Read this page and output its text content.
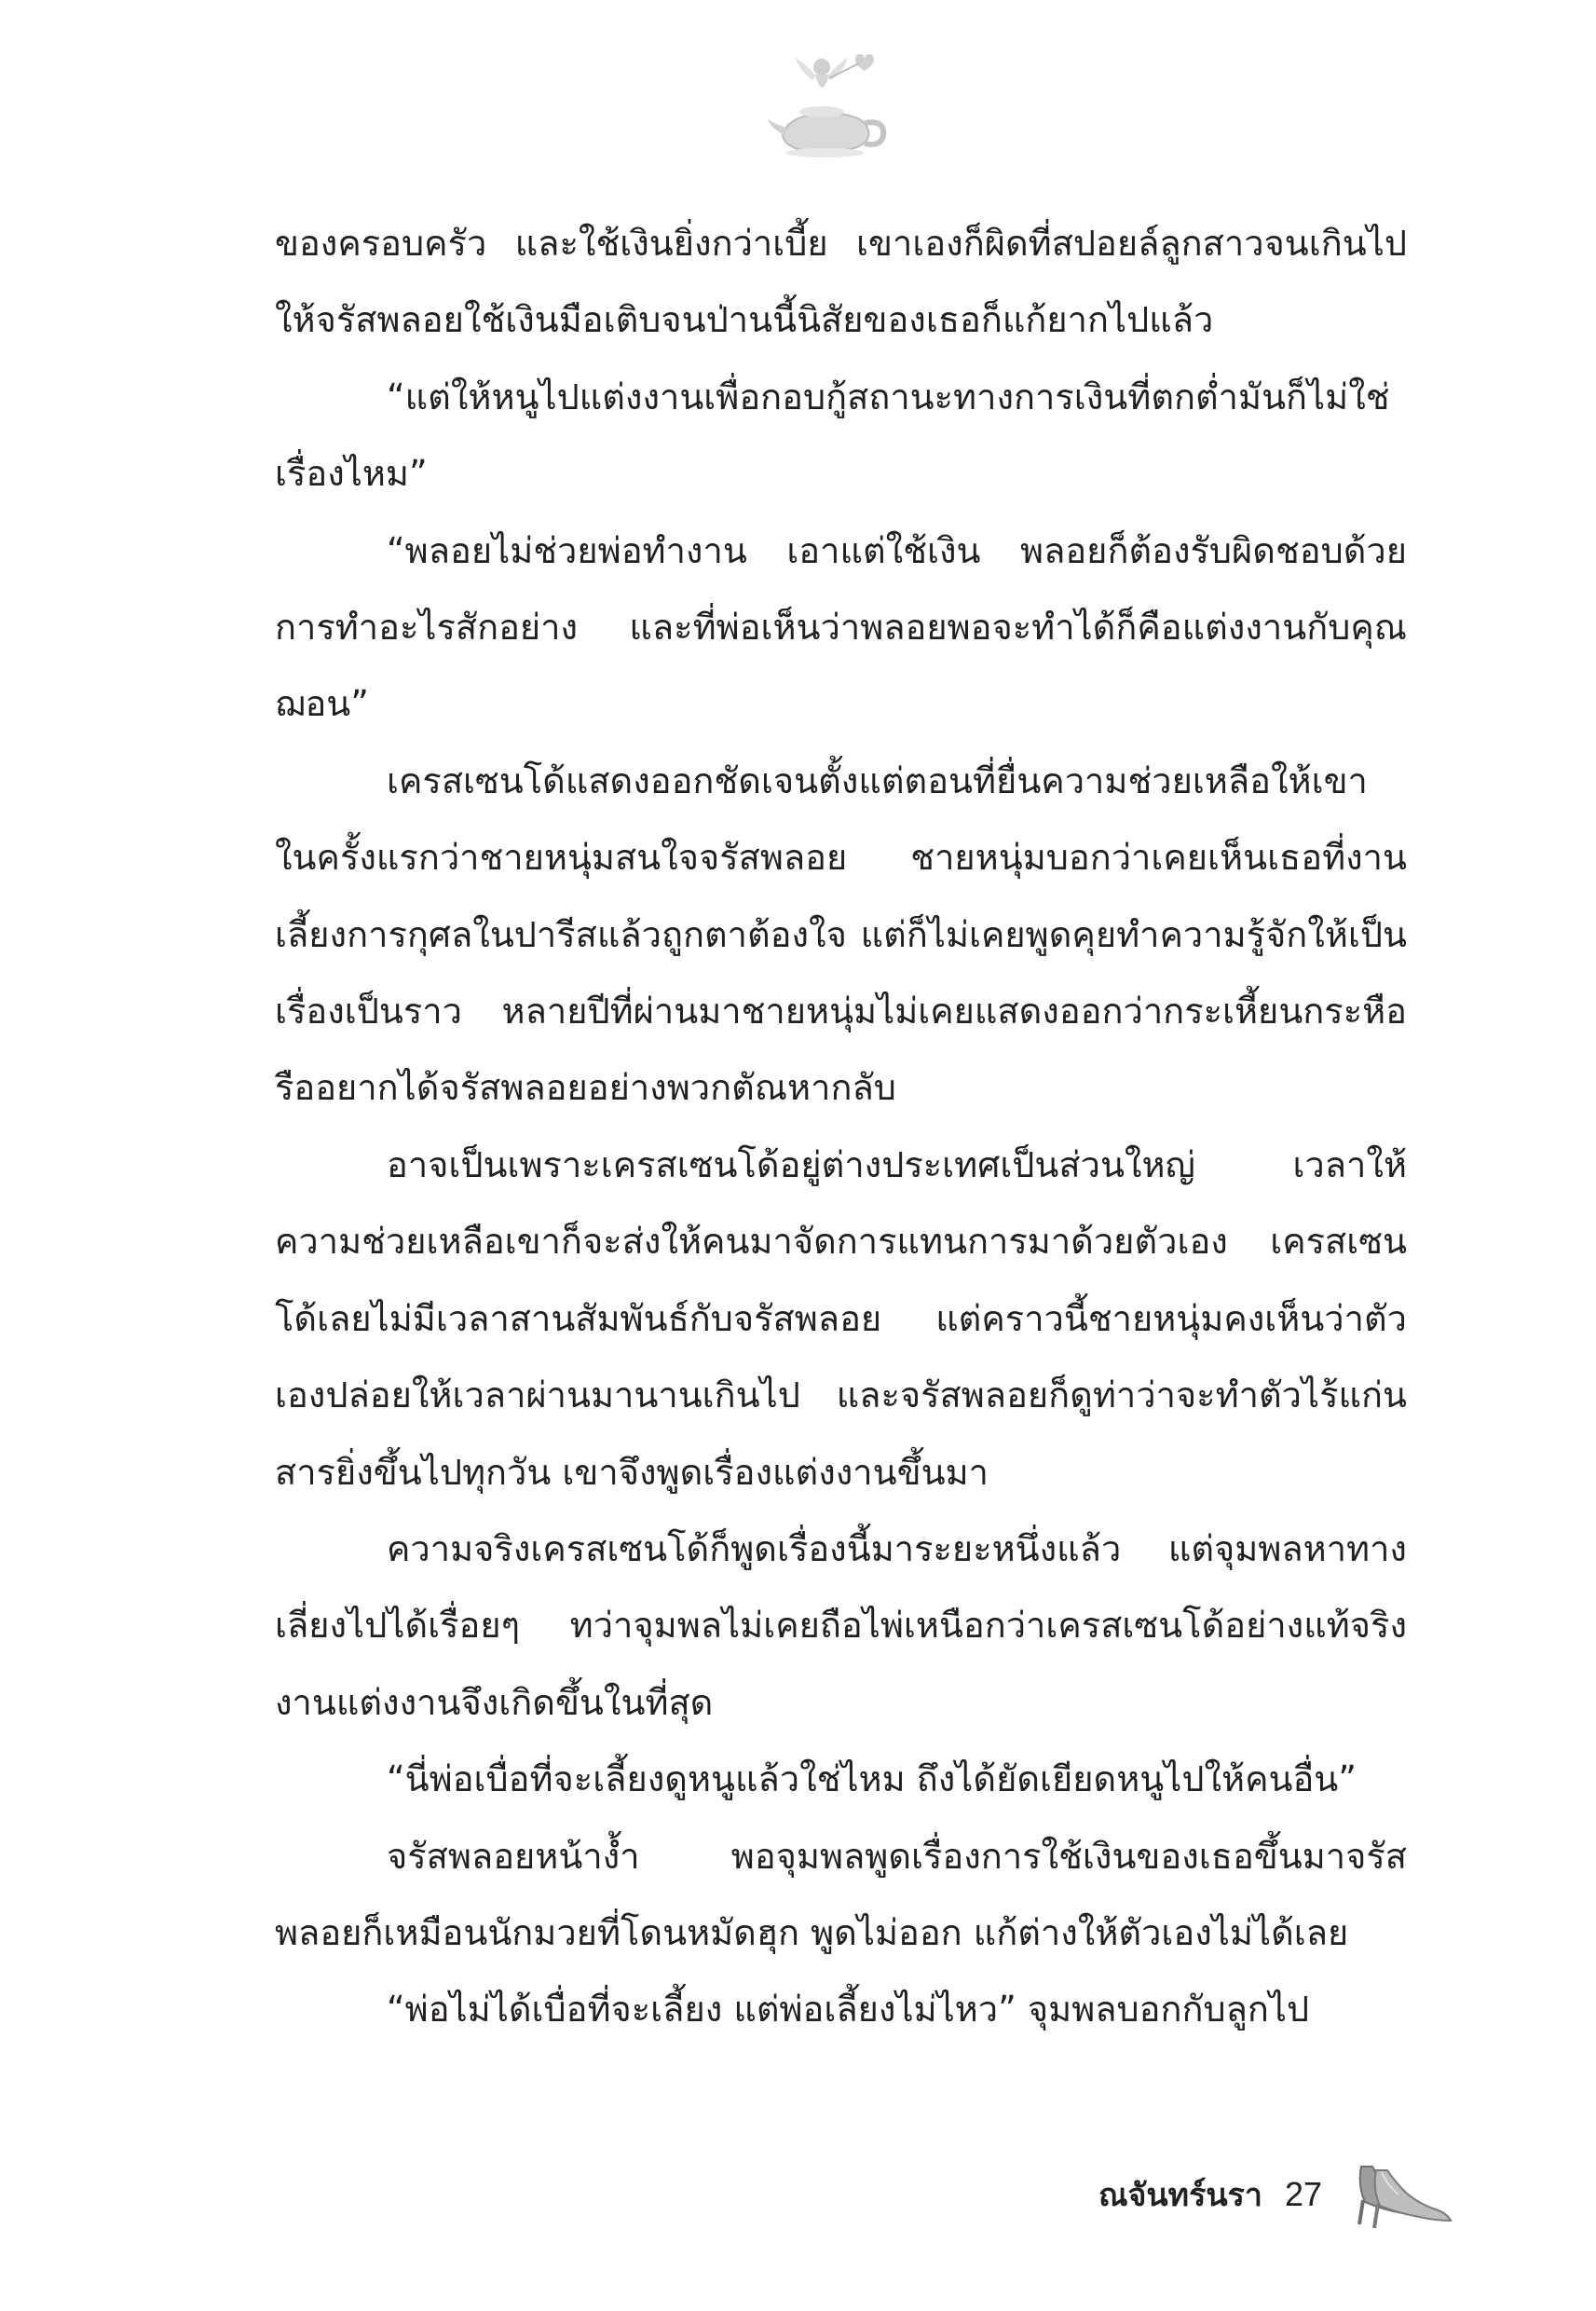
ของครอบครัว และใช้เงินยิ่งกว่าเบี้ย เขาเองก็ผิดที่สปอยล์ลูกสาวจนเกินไป ให้จรัสพลอยใช้เงินมือเติบจนป่านนี้นิสัยของเธอก็แก้ยากไปแล้ว

“แต่ให้หนูไปแต่งงานเพื่อกอบกู้สถานะทางการเงินที่ตกต่ำมันก็ไม่ใช่เรื่องไหม”

“พลอยไม่ช่วยพ่อทำงาน เอาแต่ใช้เงิน พลอยก็ต้องรับผิดชอบด้วยการทำอะไรสักอย่าง และที่พ่อเห็นว่าพลอยพอจะทำได้ก็คือแต่งงานกับคุณฌอน”

เครสเซนโด้แสดงออกชัดเจนตั้งแต่ตอนที่ยื่นความช่วยเหลือให้เขาในครั้งแรกว่าชายหนุ่มสนใจจรัสพลอย ชายหนุ่มบอกว่าเคยเห็นเธอที่งานเลี้ยงการกุศลในปารีสแล้วถูกตาต้องใจ แต่ก็ไม่เคยพูดคุยทำความรู้จักให้เป็นเรื่องเป็นราว หลายปีที่ผ่านมาชายหนุ่มไม่เคยแสดงออกว่ากระเหี้ยนกระหือรืออยากได้จรัสพลอยอย่างพวกตัณหากลับ

อาจเป็นเพราะเครสเซนโด้อยู่ต่างประเทศเป็นส่วนใหญ่ เวลาให้ความช่วยเหลือเขาก็จะส่งให้คนมาจัดการแทนการมาด้วยตัวเอง เครสเซนโด้เลยไม่มีเวลาสานสัมพันธ์กับจรัสพลอย แต่คราวนี้ชายหนุ่มคงเห็นว่าตัวเองปล่อยให้เวลาผ่านมานานเกินไป และจรัสพลอยก็ดูท่าว่าจะทำตัวไร้แก่นสารยิ่งขึ้นไปทุกวัน เขาจึงพูดเรื่องแต่งงานขึ้นมา

ความจริงเครสเซนโด้ก็พูดเรื่องนี้มาระยะหนึ่งแล้ว แต่จุมพลหาทางเลี่ยงไปได้เรื่อยๆ ทว่าจุมพลไม่เคยถือไพ่เหนือกว่าเครสเซนโด้อย่างแท้จริง งานแต่งงานจึงเกิดขึ้นในที่สุด

“นี่พ่อเบื่อที่จะเลี้ยงดูหนูแล้วใช่ไหม ถึงได้ยัดเยียดหนูไปให้คนอื่น”

จรัสพลอยหน้างํ้า พอจุมพลพูดเรื่องการใช้เงินของเธอขึ้นมาจรัสพลอยก็เหมือนนักมวยที่โดนหมัดฮุก พูดไม่ออก แก้ต่างให้ตัวเองไม่ได้เลย

“พ่อไม่ได้เบื่อที่จะเลี้ยง แต่พ่อเลี้ยงไม่ไหว” จุมพลบอกกับลูกไป

ณจันทร์นรา 27
